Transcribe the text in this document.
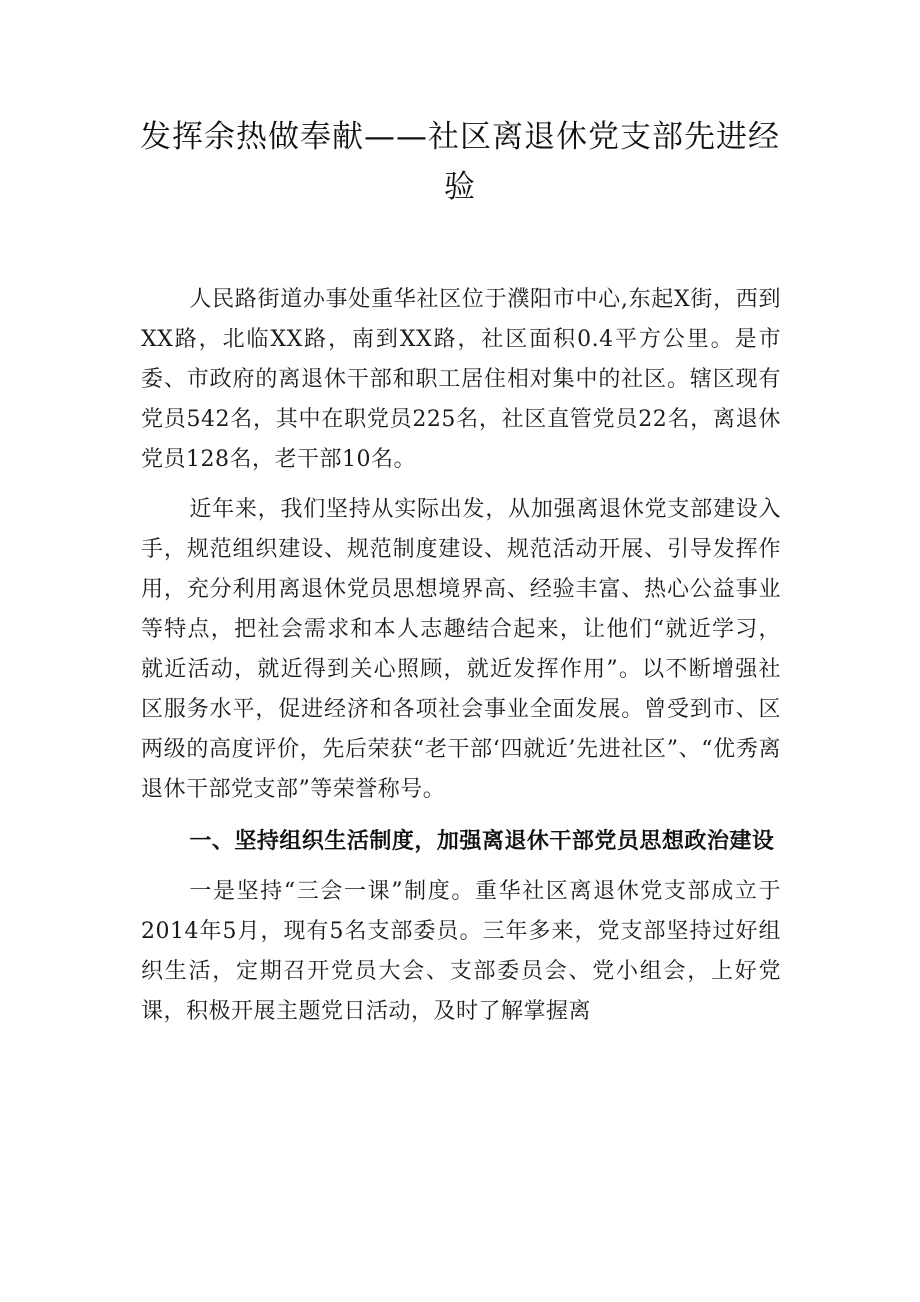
发挥余热做奉献——社区离退休党支部先进经验

人民路街道办事处重华社区位于濮阳市中心,东起X街，西到 XX路，北临XX路，南到XX路，社区面积0.4平方公里。是市委、市政府的离退休干部和职工居住相对集中的社区。辖区现有党员542名，其中在职党员225名，社区直管党员22名，离退休党员128名，老干部10名。

近年来，我们坚持从实际出发，从加强离退休党支部建设入手，规范组织建设、规范制度建设、规范活动开展、引导发挥作用，充分利用离退休党员思想境界高、经验丰富、热心公益事业等特点，把社会需求和本人志趣结合起来，让他们“就近学习，就近活动，就近得到关心照顾，就近发挥作用”。以不断增强社区服务水平，促进经济和各项社会事业全面发展。曾受到市、区两级的高度评价，先后荣获“老干部‘四就近’先进社区”、“优秀离退休干部党支部”等荣誉称号。

一、坚持组织生活制度，加强离退休干部党员思想政治建设

一是坚持“三会一课”制度。重华社区离退休党支部成立于2014年5月，现有5名支部委员。三年多来，党支部坚持过好组织生活，定期召开党员大会、支部委员会、党小组会，上好党课，积极开展主题党日活动，及时了解掌握离
